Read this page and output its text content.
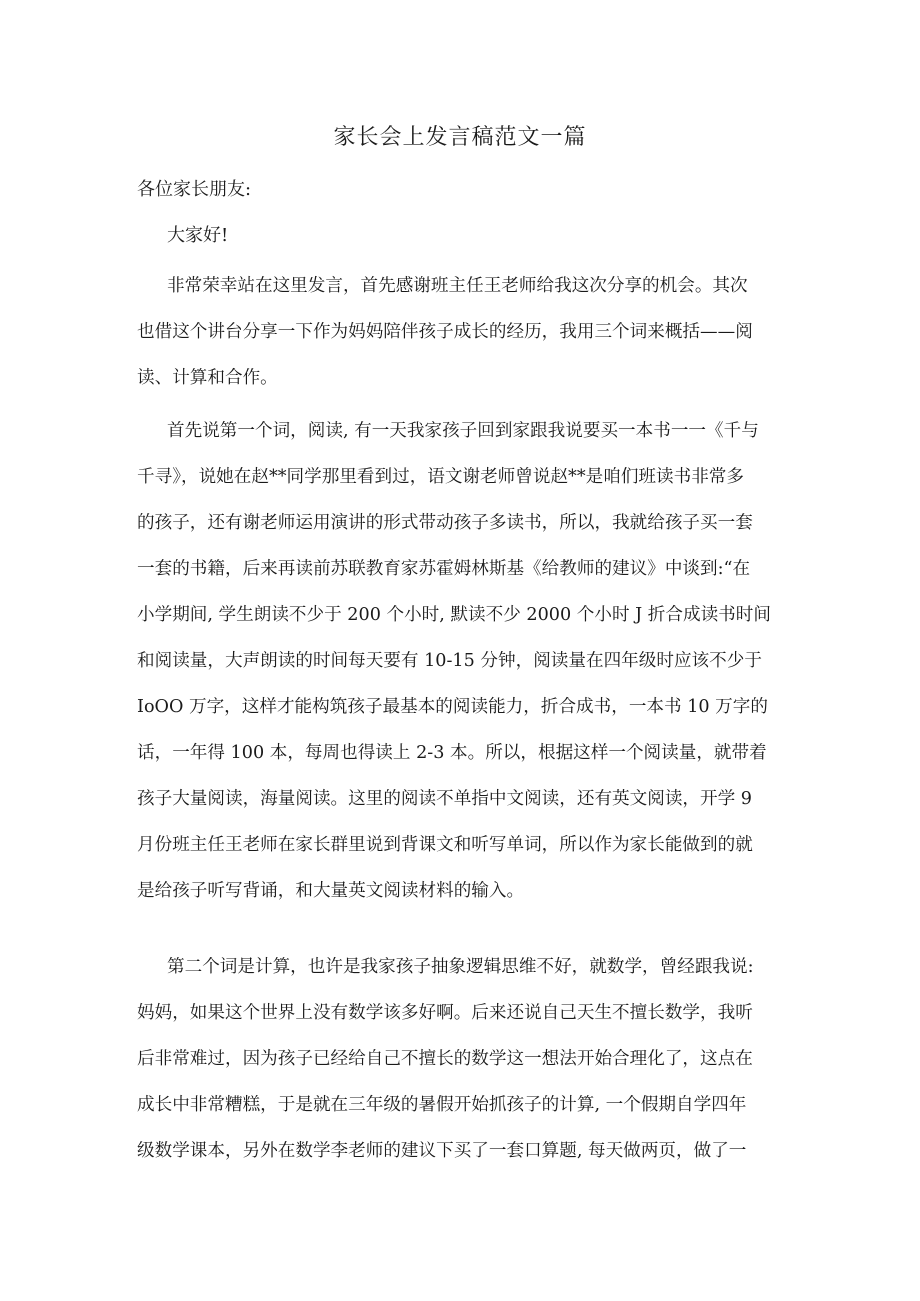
家长会上发言稿范文一篇
各位家长朋友:
大家好!
非常荣幸站在这里发言，首先感谢班主任王老师给我这次分享的机会。其次
也借这个讲台分享一下作为妈妈陪伴孩子成长的经历，我用三个词来概括——阅
读、计算和合作。
首先说第一个词，阅读, 有一天我家孩子回到家跟我说要买一本书一一《千与
千寻》，说她在赵**同学那里看到过，语文谢老师曾说赵**是咱们班读书非常多
的孩子，还有谢老师运用演讲的形式带动孩子多读书，所以，我就给孩子买一套
一套的书籍，后来再读前苏联教育家苏霍姆林斯基《给教师的建议》中谈到:“在
小学期间, 学生朗读不少于 200 个小时, 默读不少 2000 个小时 J 折合成读书时间
和阅读量，大声朗读的时间每天要有 10-15 分钟，阅读量在四年级时应该不少于
IoOO 万字，这样才能构筑孩子最基本的阅读能力，折合成书，一本书 10 万字的
话，一年得 100 本，每周也得读上 2-3 本。所以，根据这样一个阅读量，就带着
孩子大量阅读，海量阅读。这里的阅读不单指中文阅读，还有英文阅读，开学 9
月份班主任王老师在家长群里说到背课文和听写单词，所以作为家长能做到的就
是给孩子听写背诵，和大量英文阅读材料的输入。
第二个词是计算，也许是我家孩子抽象逻辑思维不好，就数学，曾经跟我说:
妈妈，如果这个世界上没有数学该多好啊。后来还说自己天生不擅长数学，我听
后非常难过，因为孩子已经给自己不擅长的数学这一想法开始合理化了，这点在
成长中非常糟糕，于是就在三年级的暑假开始抓孩子的计算, 一个假期自学四年
级数学课本，另外在数学李老师的建议下买了一套口算题, 每天做两页，做了一
